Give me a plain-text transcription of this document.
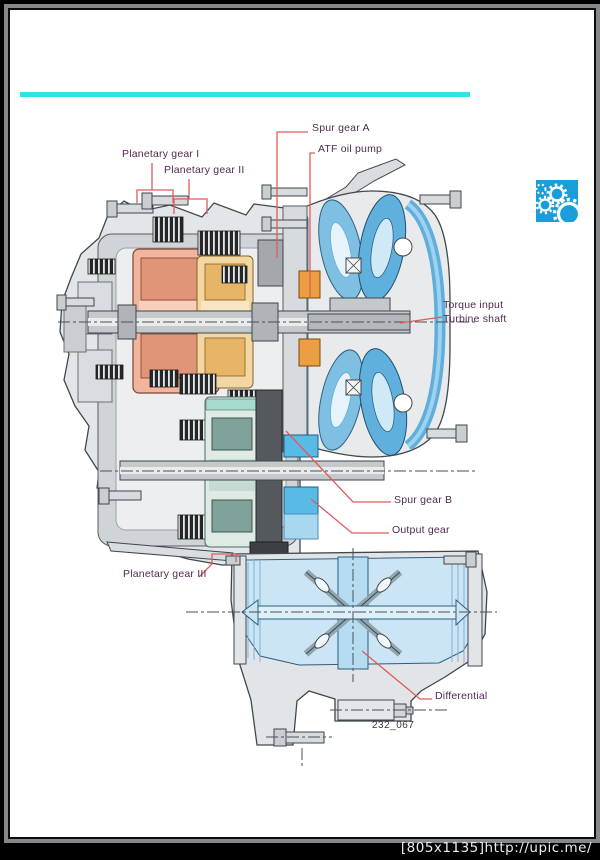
Spur gear A
ATF oil pump
Planetary gear I
Planetary gear II
Torque input
Turbine shaft
Spur gear B
Output gear
Planetary gear III
Differential
232_067
[805x1135]http://upic.me/
